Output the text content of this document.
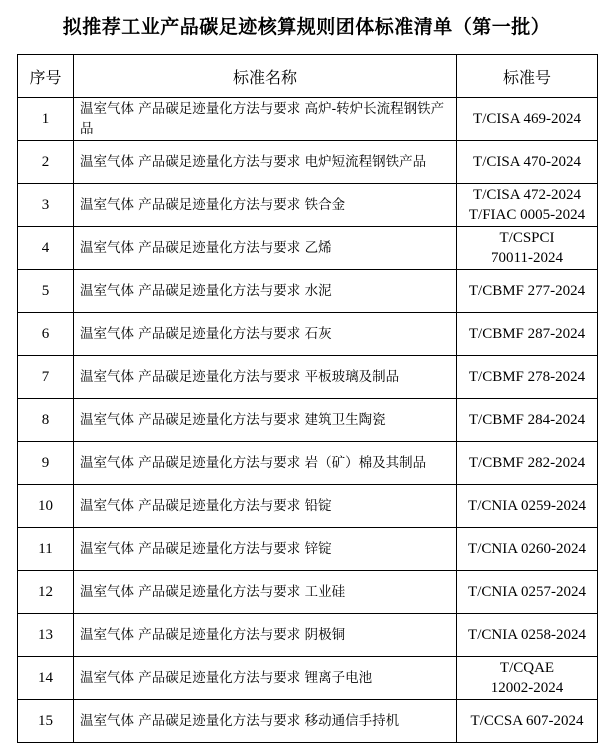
拟推荐工业产品碳足迹核算规则团体标准清单（第一批）
序号	标准名称	标准号
1	温室气体 产品碳足迹量化方法与要求 高炉-转炉长流程钢铁产品	T/CISA 469-2024
2	温室气体 产品碳足迹量化方法与要求 电炉短流程钢铁产品	T/CISA 470-2024
3	温室气体 产品碳足迹量化方法与要求 铁合金	T/CISA 472-2024
T/FIAC 0005-2024
4	温室气体 产品碳足迹量化方法与要求 乙烯	T/CSPCI
70011-2024
5	温室气体 产品碳足迹量化方法与要求 水泥	T/CBMF 277-2024
6	温室气体 产品碳足迹量化方法与要求 石灰	T/CBMF 287-2024
7	温室气体 产品碳足迹量化方法与要求 平板玻璃及制品	T/CBMF 278-2024
8	温室气体 产品碳足迹量化方法与要求 建筑卫生陶瓷	T/CBMF 284-2024
9	温室气体 产品碳足迹量化方法与要求 岩（矿）棉及其制品	T/CBMF 282-2024
10	温室气体 产品碳足迹量化方法与要求 铅锭	T/CNIA 0259-2024
11	温室气体 产品碳足迹量化方法与要求 锌锭	T/CNIA 0260-2024
12	温室气体 产品碳足迹量化方法与要求 工业硅	T/CNIA 0257-2024
13	温室气体 产品碳足迹量化方法与要求 阴极铜	T/CNIA 0258-2024
14	温室气体 产品碳足迹量化方法与要求 锂离子电池	T/CQAE
12002-2024
15	温室气体 产品碳足迹量化方法与要求 移动通信手持机	T/CCSA 607-2024
